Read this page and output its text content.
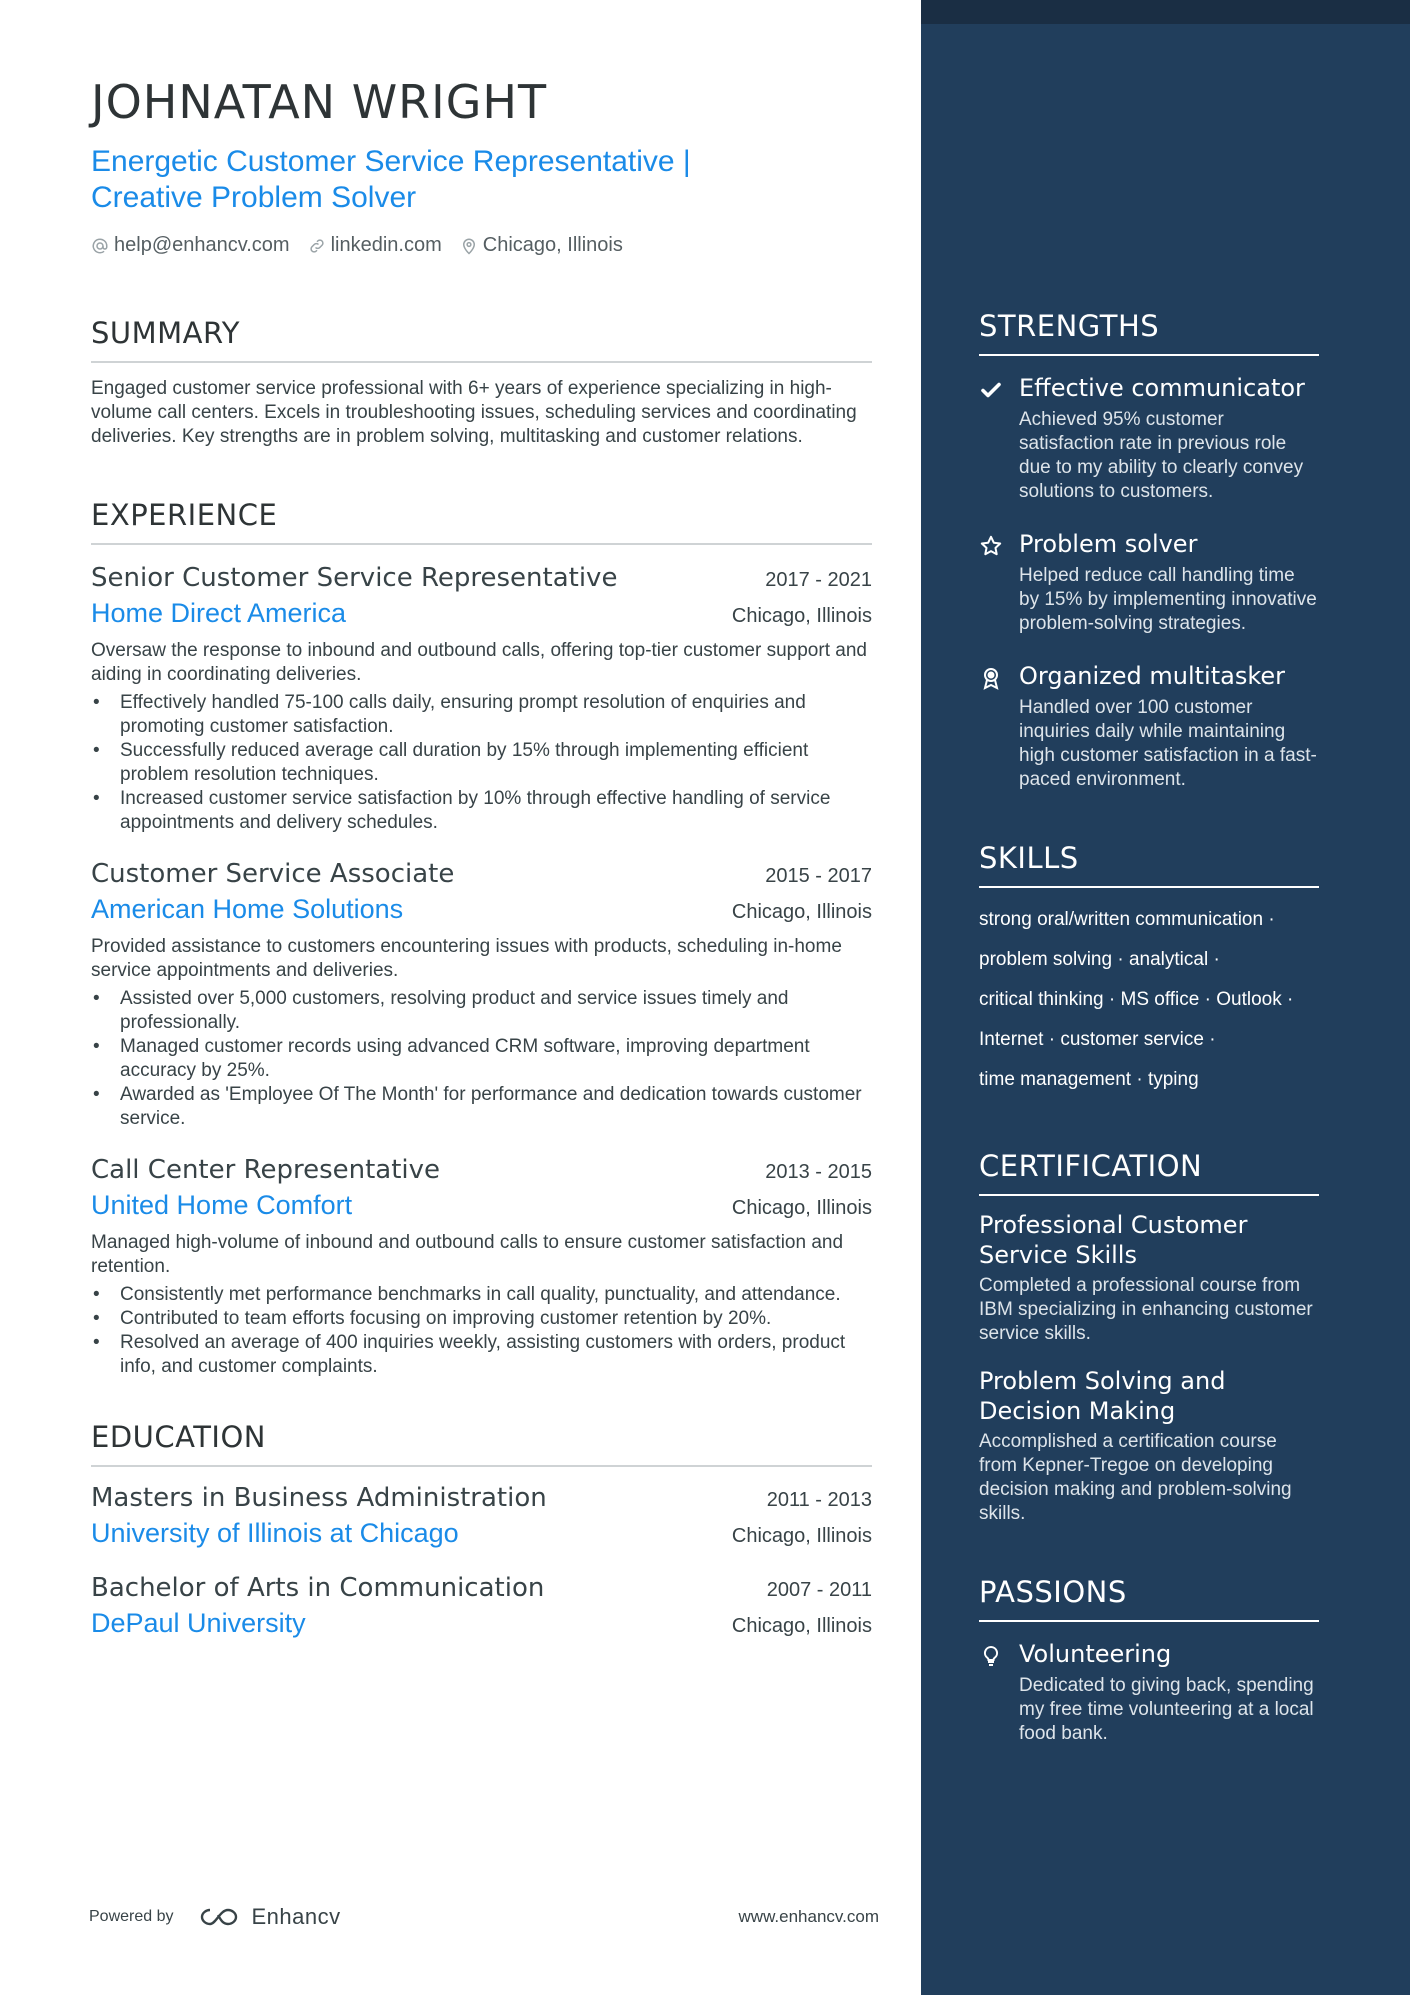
JOHNATAN WRIGHT
Energetic Customer Service Representative |
Creative Problem Solver
help@enhancv.com linkedin.com Chicago, Illinois
SUMMARY

Engaged customer service professional with 6+ years of experience specializing in high-volume call centers. Excels in troubleshooting issues, scheduling services and coordinating deliveries. Key strengths are in problem solving, multitasking and customer relations.

EXPERIENCE
Senior Customer Service Representative	2017 - 2021
Home Direct America	Chicago, Illinois

Oversaw the response to inbound and outbound calls, offering top-tier customer support and aiding in coordinating deliveries.

• Effectively handled 75-100 calls daily, ensuring prompt resolution of enquiries and promoting customer satisfaction.
• Successfully reduced average call duration by 15% through implementing efficient problem resolution techniques.
• Increased customer service satisfaction by 10% through effective handling of service appointments and delivery schedules.
Customer Service Associate	2015 - 2017
American Home Solutions	Chicago, Illinois

Provided assistance to customers encountering issues with products, scheduling in-home service appointments and deliveries.

• Assisted over 5,000 customers, resolving product and service issues timely and professionally.
• Managed customer records using advanced CRM software, improving department accuracy by 25%.
• Awarded as 'Employee Of The Month' for performance and dedication towards customer service.
Call Center Representative	2013 - 2015
United Home Comfort	Chicago, Illinois

Managed high-volume of inbound and outbound calls to ensure customer satisfaction and retention.

• Consistently met performance benchmarks in call quality, punctuality, and attendance.
• Contributed to team efforts focusing on improving customer retention by 20%.
• Resolved an average of 400 inquiries weekly, assisting customers with orders, product info, and customer complaints.
EDUCATION
Masters in Business Administration	2011 - 2013
University of Illinois at Chicago	Chicago, Illinois
Bachelor of Arts in Communication	2007 - 2011
DePaul University	Chicago, Illinois
Powered by	Enhancv	www.enhancv.com
STRENGTHS
Effective communicator
Achieved 95% customer satisfaction rate in previous role due to my ability to clearly convey solutions to customers.
Problem solver
Helped reduce call handling time by 15% by implementing innovative problem-solving strategies.
Organized multitasker
Handled over 100 customer inquiries daily while maintaining high customer satisfaction in a fast-paced environment.
SKILLS
strong oral/written communication ·
problem solving · analytical ·
critical thinking · MS office · Outlook ·
Internet · customer service ·
time management · typing
CERTIFICATION
Professional Customer Service Skills
Completed a professional course from IBM specializing in enhancing customer service skills.
Problem Solving and Decision Making
Accomplished a certification course from Kepner-Tregoe on developing decision making and problem-solving skills.
PASSIONS
Volunteering
Dedicated to giving back, spending my free time volunteering at a local food bank.
